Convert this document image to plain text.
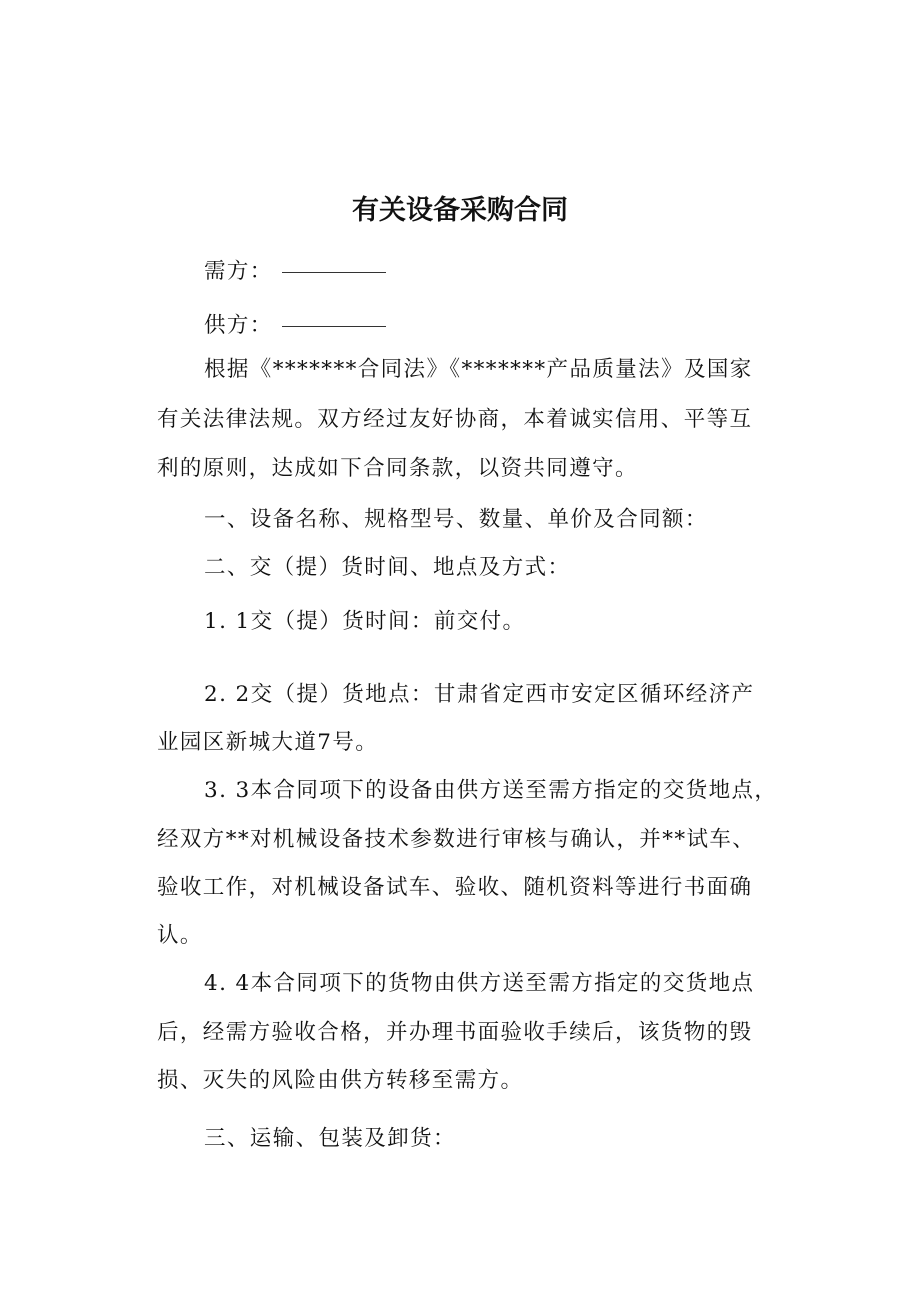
有关设备采购合同
需方：
供方：
根据《*******合同法》《*******产品质量法》及国家
有关法律法规。双方经过友好协商，本着诚实信用、平等互
利的原则，达成如下合同条款，以资共同遵守。
一、设备名称、规格型号、数量、单价及合同额：
二、交（提）货时间、地点及方式：
1. 1交（提）货时间：前交付。
2. 2交（提）货地点：甘肃省定西市安定区循环经济产
业园区新城大道7号。
3. 3本合同项下的设备由供方送至需方指定的交货地点，
经双方**对机械设备技术参数进行审核与确认，并**试车、
验收工作，对机械设备试车、验收、随机资料等进行书面确
认。
4. 4本合同项下的货物由供方送至需方指定的交货地点
后，经需方验收合格，并办理书面验收手续后，该货物的毁
损、灭失的风险由供方转移至需方。
三、运输、包装及卸货：
